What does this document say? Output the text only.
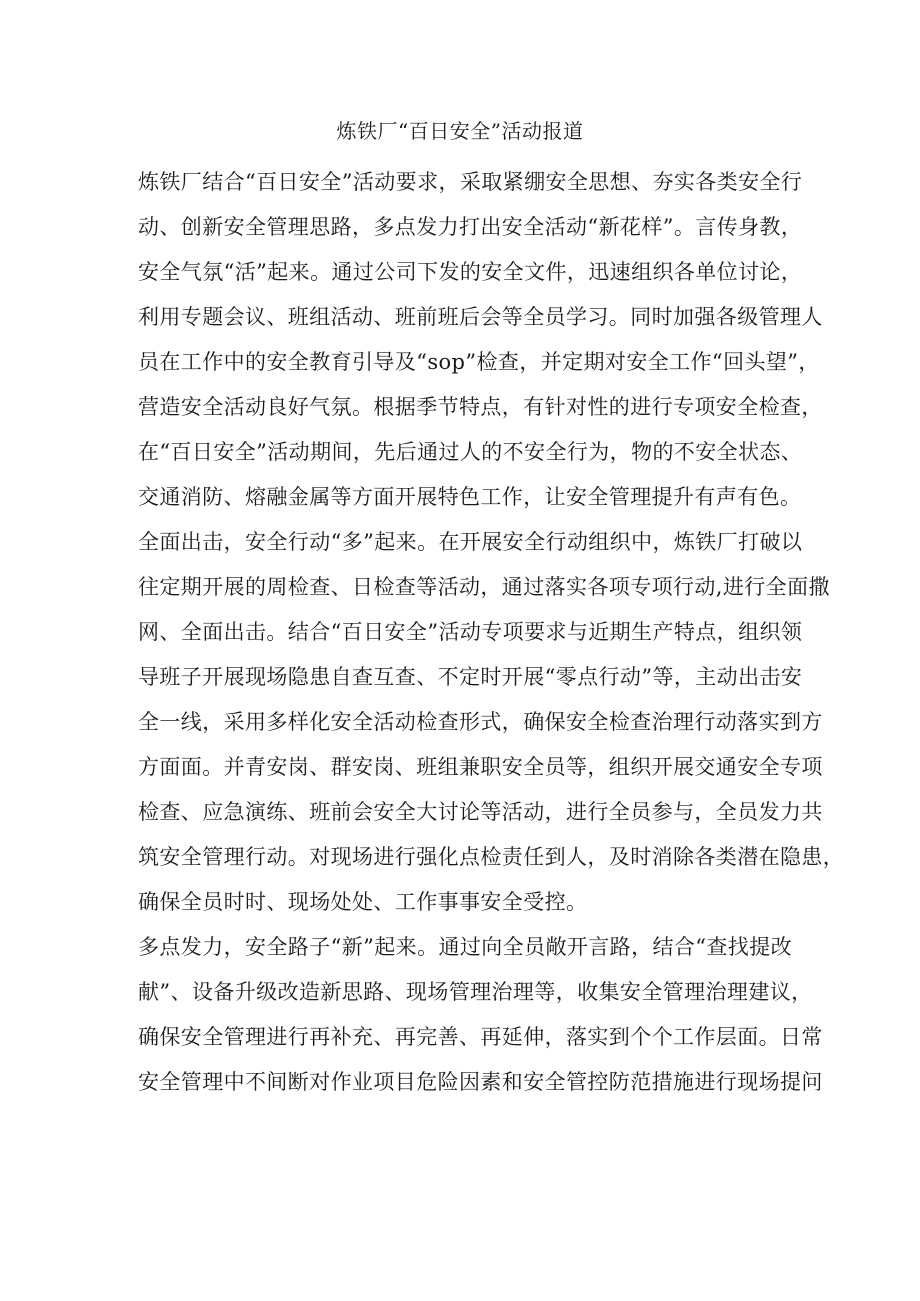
炼铁厂“百日安全”活动报道
炼铁厂结合“百日安全”活动要求，采取紧绷安全思想、夯实各类安全行
动、创新安全管理思路，多点发力打出安全活动“新花样”。言传身教，
安全气氛“活”起来。通过公司下发的安全文件，迅速组织各单位讨论，
利用专题会议、班组活动、班前班后会等全员学习。同时加强各级管理人
员在工作中的安全教育引导及“sop”检查，并定期对安全工作“回头望”，
营造安全活动良好气氛。根据季节特点，有针对性的进行专项安全检查，
在“百日安全”活动期间，先后通过人的不安全行为，物的不安全状态、
交通消防、熔融金属等方面开展特色工作，让安全管理提升有声有色。
全面出击，安全行动“多”起来。在开展安全行动组织中，炼铁厂打破以
往定期开展的周检查、日检查等活动，通过落实各项专项行动,进行全面撒
网、全面出击。结合“百日安全”活动专项要求与近期生产特点，组织领
导班子开展现场隐患自查互查、不定时开展“零点行动”等，主动出击安
全一线，采用多样化安全活动检查形式，确保安全检查治理行动落实到方
方面面。并青安岗、群安岗、班组兼职安全员等，组织开展交通安全专项
检查、应急演练、班前会安全大讨论等活动，进行全员参与，全员发力共
筑安全管理行动。对现场进行强化点检责任到人，及时消除各类潜在隐患，
确保全员时时、现场处处、工作事事安全受控。
多点发力，安全路子“新”起来。通过向全员敞开言路，结合“查找提改
献”、设备升级改造新思路、现场管理治理等，收集安全管理治理建议，
确保安全管理进行再补充、再完善、再延伸，落实到个个工作层面。日常
安全管理中不间断对作业项目危险因素和安全管控防范措施进行现场提问
